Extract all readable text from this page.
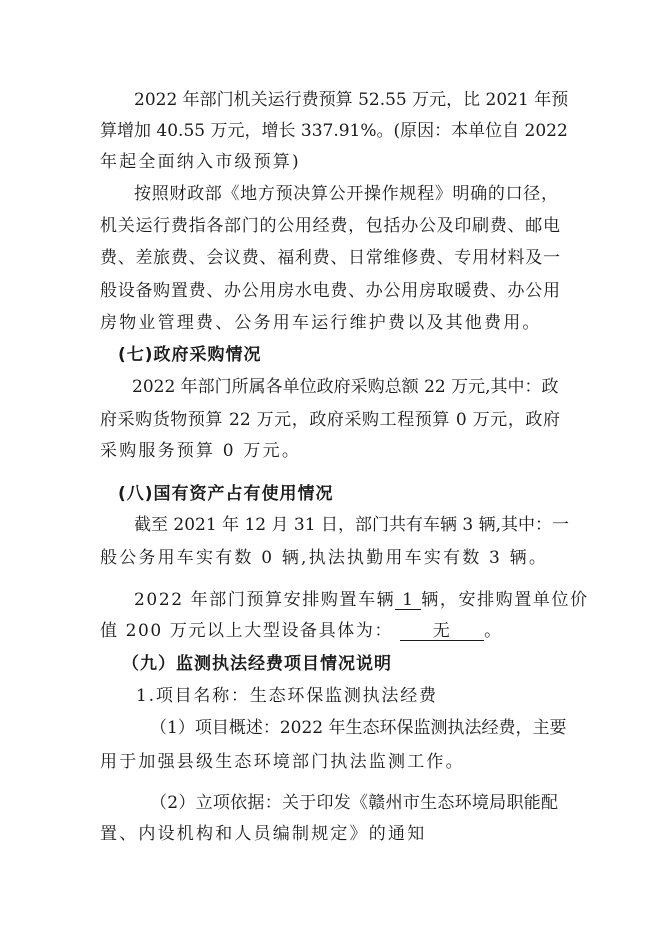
2022 年部门机关运行费预算 52.55 万元，比 2021 年预
算增加 40.55 万元，增长 337.91%。(原因：本单位自 2022
年起全面纳入市级预算)
按照财政部《地方预决算公开操作规程》明确的口径，
机关运行费指各部门的公用经费，包括办公及印刷费、邮电
费、差旅费、会议费、福利费、日常维修费、专用材料及一
般设备购置费、办公用房水电费、办公用房取暖费、办公用
房物业管理费、公务用车运行维护费以及其他费用。
(七)政府采购情况
2022 年部门所属各单位政府采购总额 22 万元,其中：政
府采购货物预算 22 万元，政府采购工程预算 0 万元，政府
采购服务预算 0 万元。
(八)国有资产占有使用情况
截至 2021 年 12 月 31 日，部门共有车辆 3 辆,其中：一
般公务用车实有数 0 辆,执法执勤用车实有数 3 辆。
2022 年部门预算安排购置车辆 1 辆，安排购置单位价
值 200 万元以上大型设备具体为： 无 。
（九）监测执法经费项目情况说明
1.项目名称：生态环保监测执法经费
（1）项目概述：2022 年生态环保监测执法经费，主要
用于加强县级生态环境部门执法监测工作。
（2）立项依据：关于印发《赣州市生态环境局职能配
置、内设机构和人员编制规定》的通知
